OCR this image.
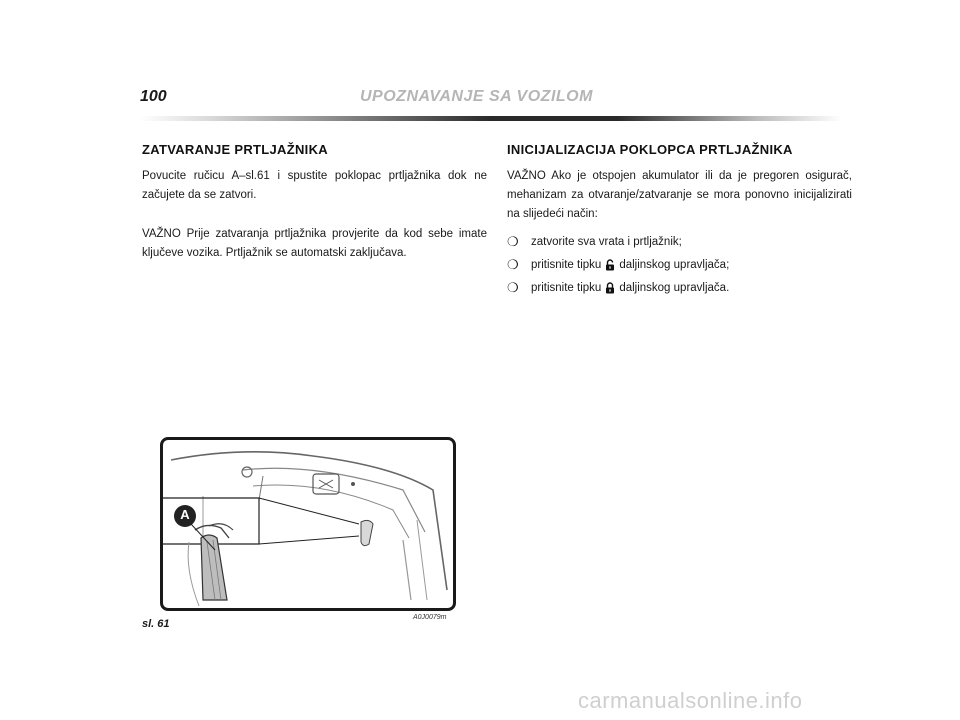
100	UPOZNAVANJE SA VOZILOM
ZATVARANJE PRTLJAŽNIKA

Povucite ručicu A–sl.61 i spustite poklopac prtljažnika dok ne začujete da se zatvori.

VAŽNO Prije zatvaranja prtljažnika provjerite da kod sebe imate ključeve vozika. Prtljažnik se automatski zaključava.

INICIJALIZACIJA POKLOPCA PRTLJAŽNIKA

VAŽNO Ako je otspojen akumulator ili da je pregoren osigurač, mehanizam za otvaranje/zatvaranje se mora ponovno inicijalizirati na slijedeći način:

❍	zatvorite sva vrata i prtljažnik;
❍	pritisnite tipku daljinskog upravljača;
❍	pritisnite tipku daljinskog upravljača.
A
sl. 61
A0J0079m
carmanualsonline.info
